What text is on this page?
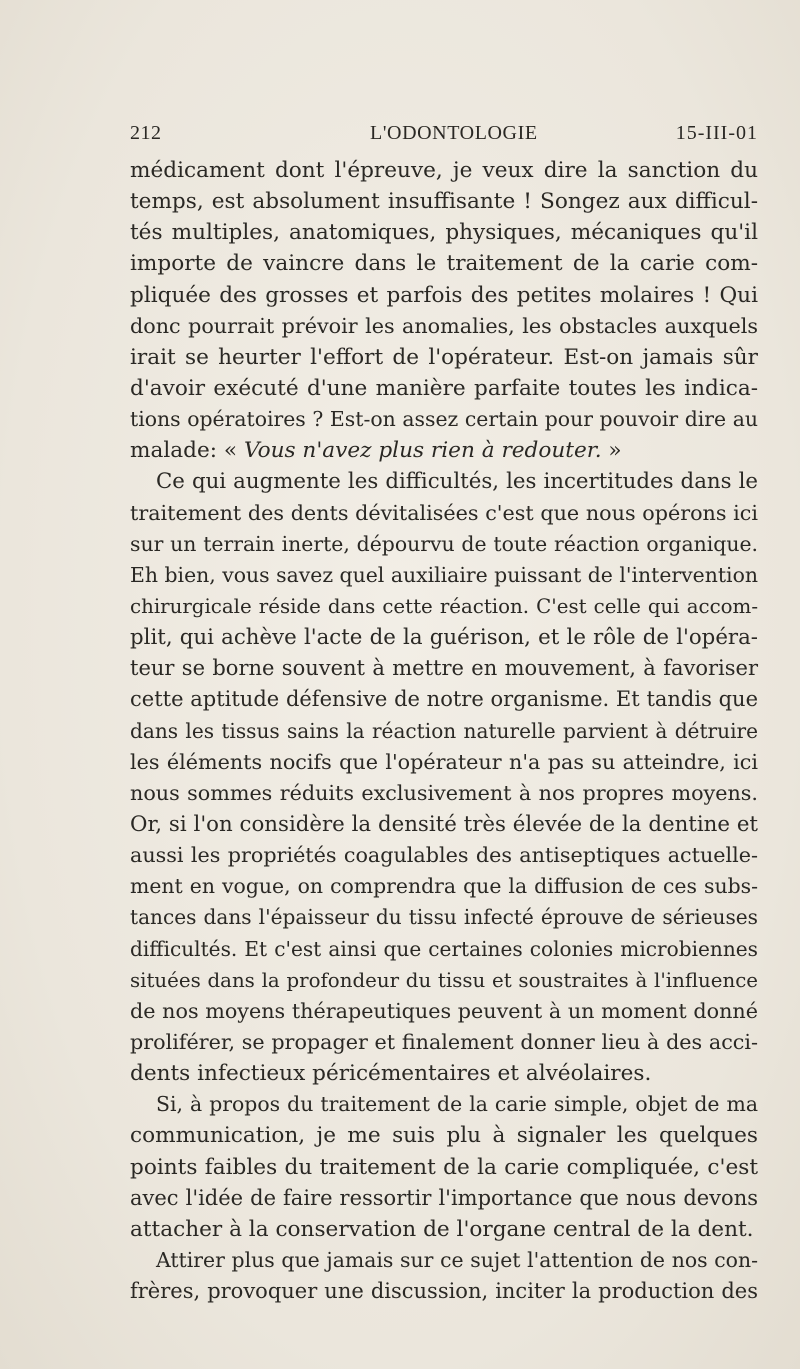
212	L'ODONTOLOGIE	15-III-01
médicament dont l'épreuve, je veux dire la sanction du
temps, est absolument insuffisante ! Songez aux difficul-
tés multiples, anatomiques, physiques, mécaniques qu'il
importe de vaincre dans le traitement de la carie com-
pliquée des grosses et parfois des petites molaires ! Qui
donc pourrait prévoir les anomalies, les obstacles auxquels
irait se heurter l'effort de l'opérateur. Est-on jamais sûr
d'avoir exécuté d'une manière parfaite toutes les indica-
tions opératoires ? Est-on assez certain pour pouvoir dire au
malade: « Vous n'avez plus rien à redouter. »
Ce qui augmente les difficultés, les incertitudes dans le
traitement des dents dévitalisées c'est que nous opérons ici
sur un terrain inerte, dépourvu de toute réaction organique.
Eh bien, vous savez quel auxiliaire puissant de l'intervention
chirurgicale réside dans cette réaction. C'est celle qui accom-
plit, qui achève l'acte de la guérison, et le rôle de l'opéra-
teur se borne souvent à mettre en mouvement, à favoriser
cette aptitude défensive de notre organisme. Et tandis que
dans les tissus sains la réaction naturelle parvient à détruire
les éléments nocifs que l'opérateur n'a pas su atteindre, ici
nous sommes réduits exclusivement à nos propres moyens.
Or, si l'on considère la densité très élevée de la dentine et
aussi les propriétés coagulables des antiseptiques actuelle-
ment en vogue, on comprendra que la diffusion de ces subs-
tances dans l'épaisseur du tissu infecté éprouve de sérieuses
difficultés. Et c'est ainsi que certaines colonies microbiennes
situées dans la profondeur du tissu et soustraites à l'influence
de nos moyens thérapeutiques peuvent à un moment donné
proliférer, se propager et finalement donner lieu à des acci-
dents infectieux péricémentaires et alvéolaires.
Si, à propos du traitement de la carie simple, objet de ma
communication, je me suis plu à signaler les quelques
points faibles du traitement de la carie compliquée, c'est
avec l'idée de faire ressortir l'importance que nous devons
attacher à la conservation de l'organe central de la dent.
Attirer plus que jamais sur ce sujet l'attention de nos con-
frères, provoquer une discussion, inciter la production des
